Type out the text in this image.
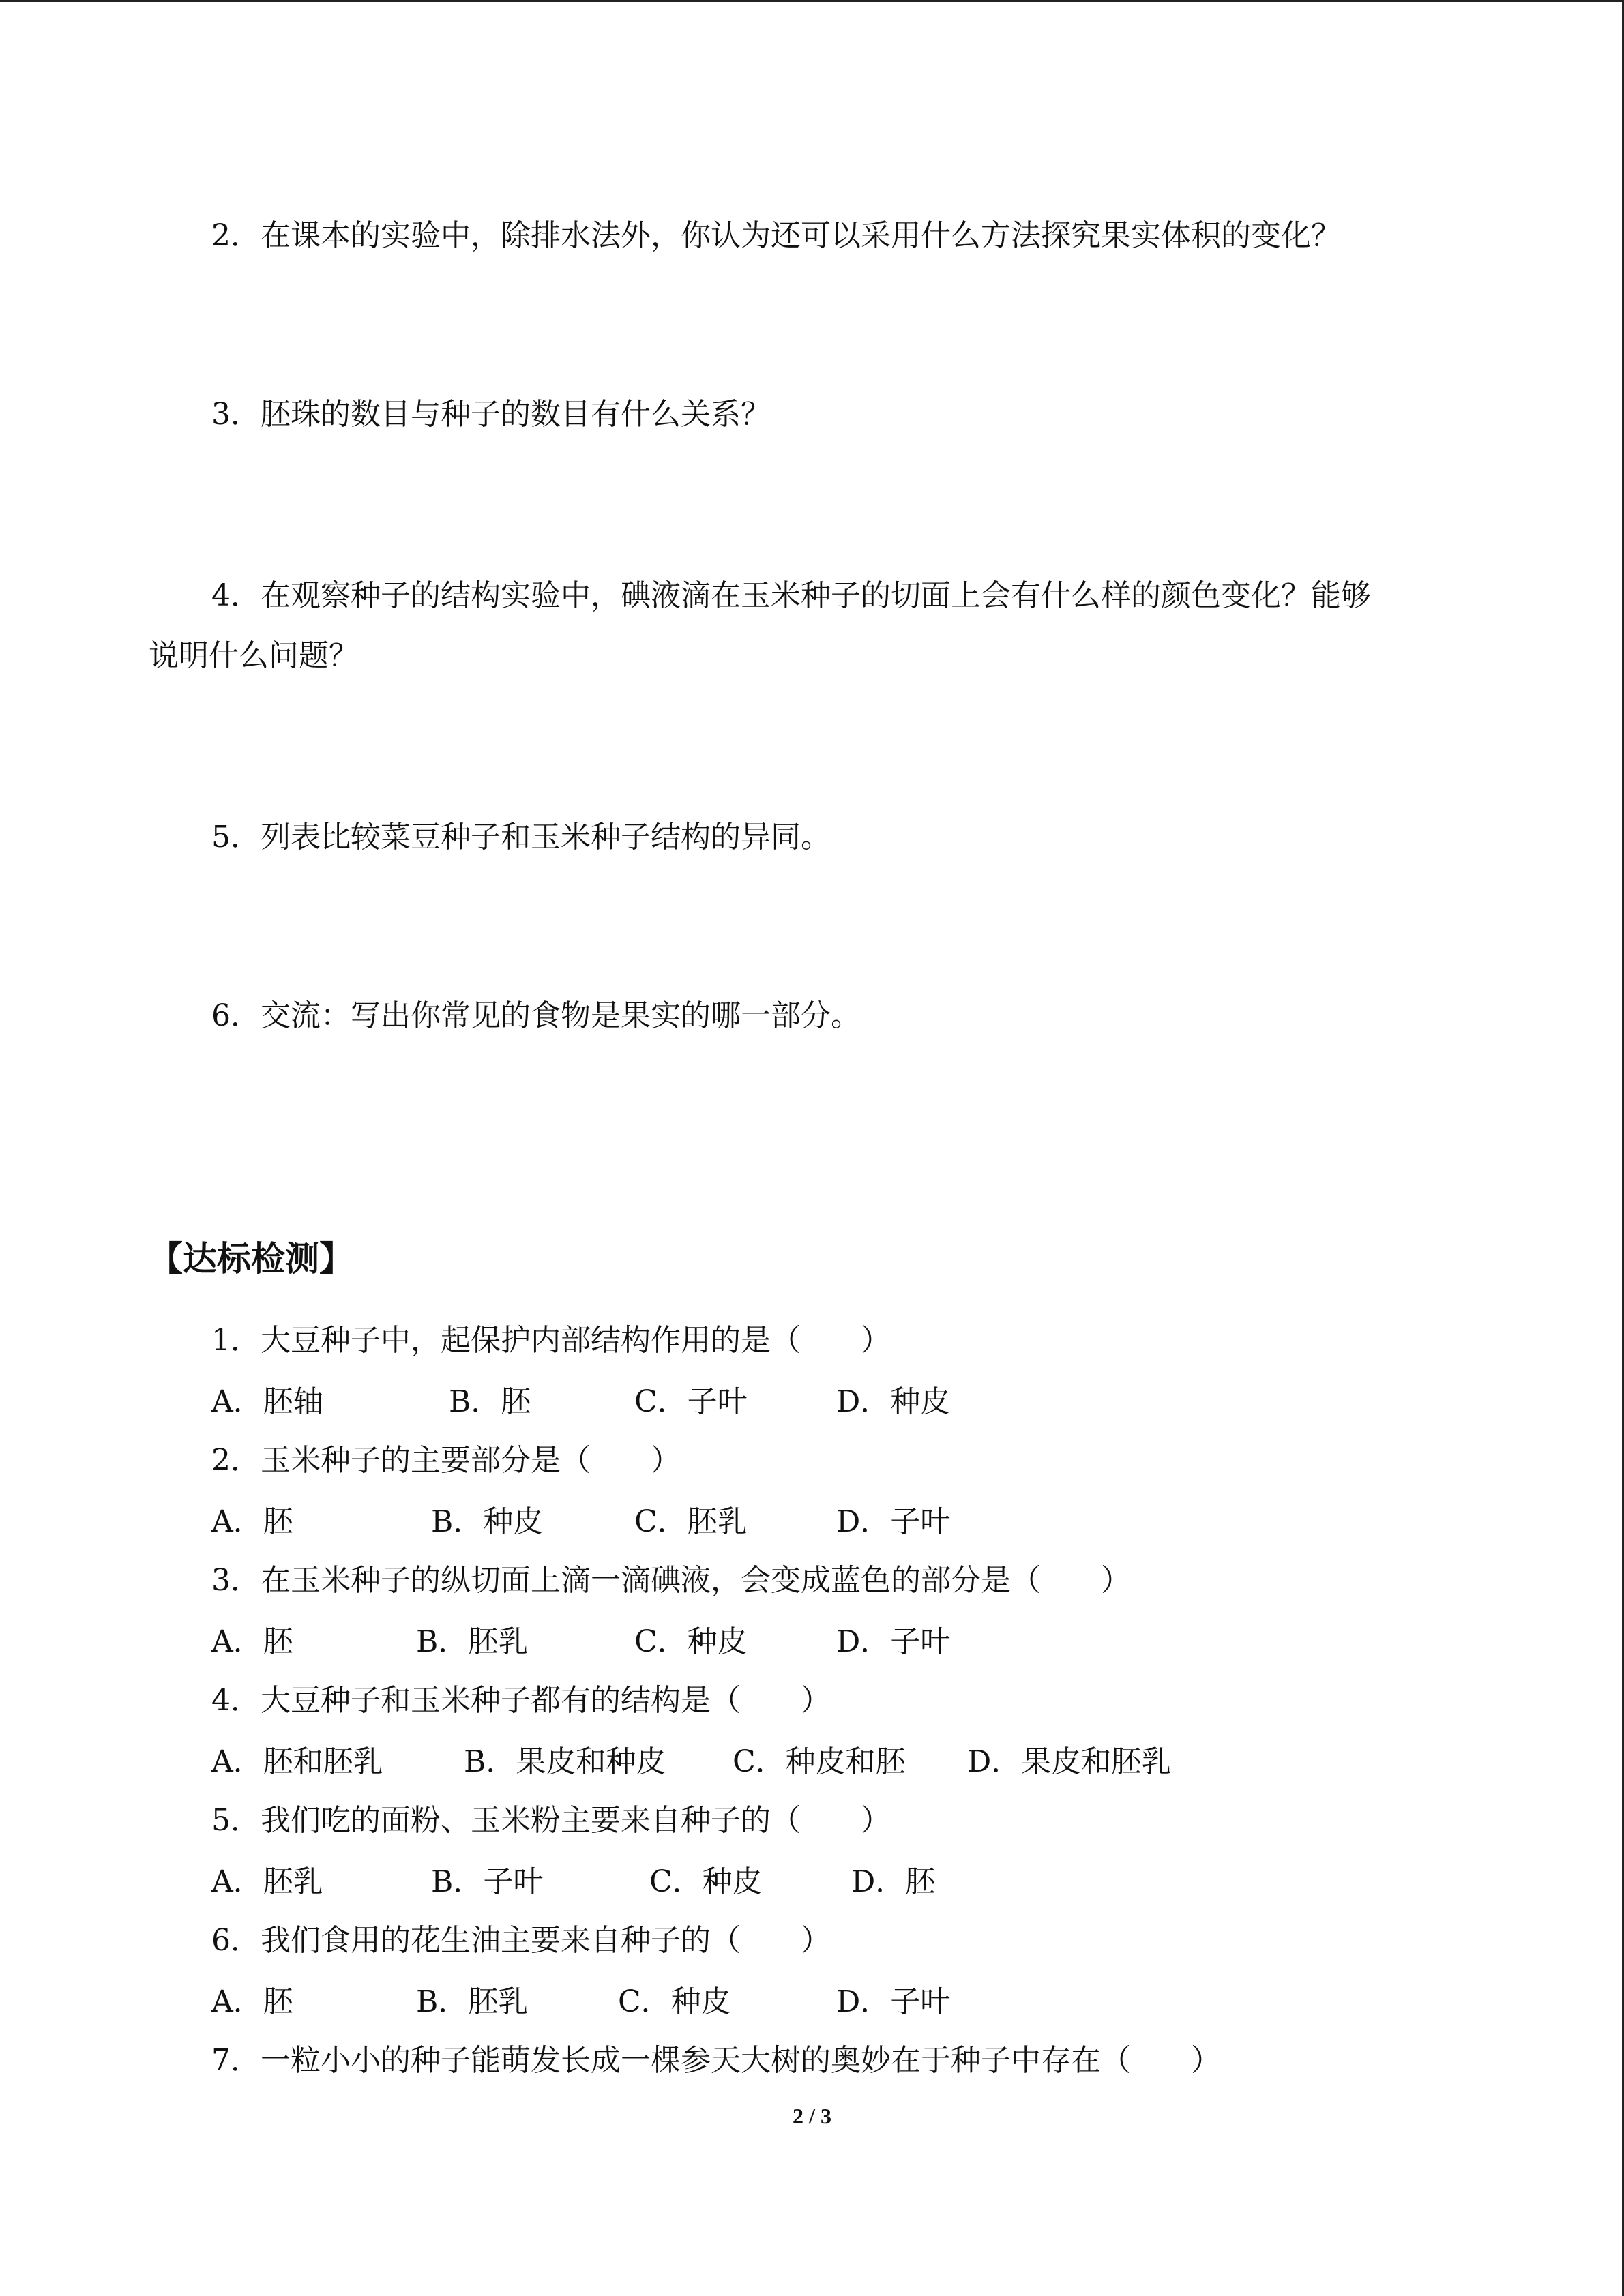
2．在课本的实验中，除排水法外，你认为还可以采用什么方法探究果实体积的变化？
3．胚珠的数目与种子的数目有什么关系？
4．在观察种子的结构实验中，碘液滴在玉米种子的切面上会有什么样的颜色变化？能够
说明什么问题？
5．列表比较菜豆种子和玉米种子结构的异同。
6．交流：写出你常见的食物是果实的哪一部分。
【达标检测】
1．大豆种子中，起保护内部结构作用的是（　　）
A．胚轴	B．胚	C．子叶	D．种皮
2．玉米种子的主要部分是（　　）
A．胚	B．种皮	C．胚乳	D．子叶
3．在玉米种子的纵切面上滴一滴碘液，会变成蓝色的部分是（　　）
A．胚	B．胚乳	C．种皮	D．子叶
4．大豆种子和玉米种子都有的结构是（　　）
A．胚和胚乳	B．果皮和种皮 C．种皮和胚 D．果皮和胚乳
5．我们吃的面粉、玉米粉主要来自种子的（　　）
A．胚乳	B．子叶	C．种皮	D．胚
6．我们食用的花生油主要来自种子的（　　）
A．胚	B．胚乳	C．种皮	D．子叶
7．一粒小小的种子能萌发长成一棵参天大树的奥妙在于种子中存在（　　）
2 / 3
